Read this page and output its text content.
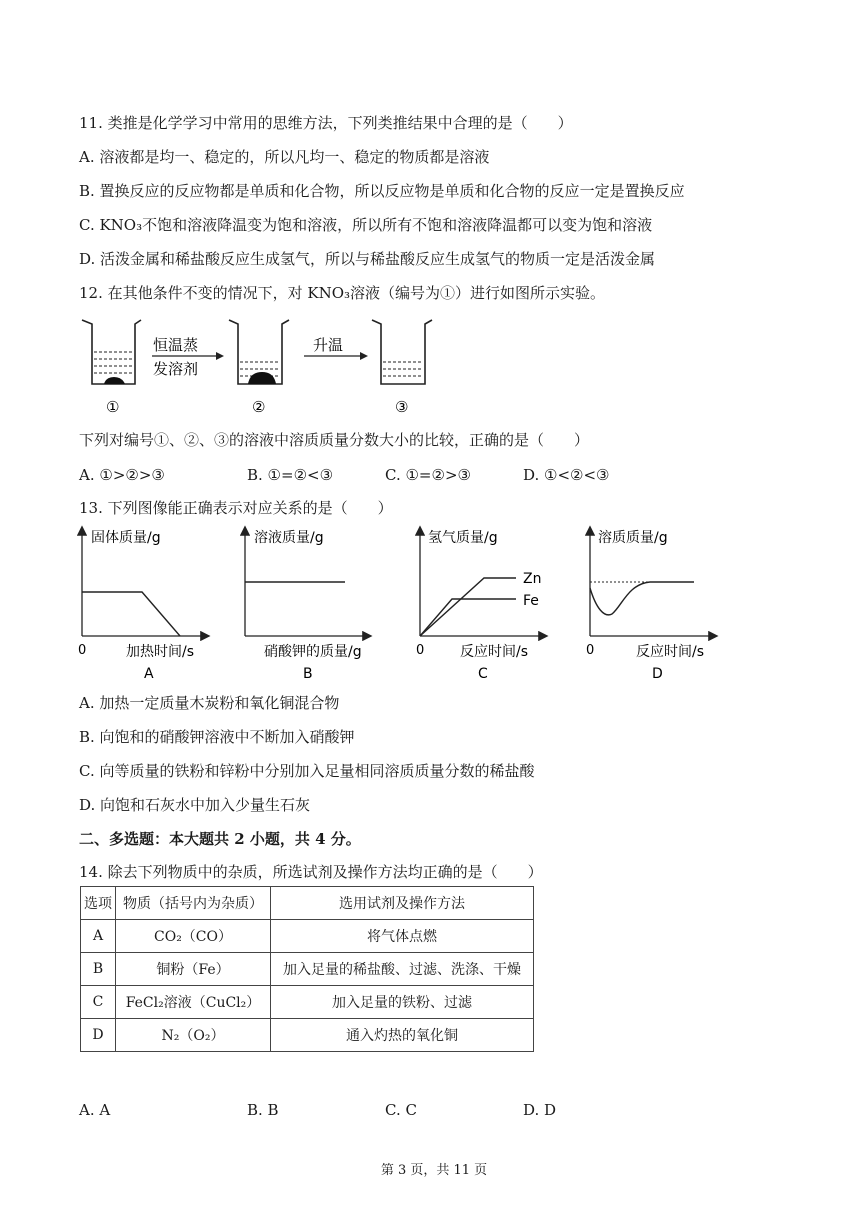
11. 类推是化学学习中常用的思维方法，下列类推结果中合理的是（　　）
A. 溶液都是均一、稳定的，所以凡均一、稳定的物质都是溶液
B. 置换反应的反应物都是单质和化合物，所以反应物是单质和化合物的反应一定是置换反应
C. KNO₃不饱和溶液降温变为饱和溶液，所以所有不饱和溶液降温都可以变为饱和溶液
D. 活泼金属和稀盐酸反应生成氢气，所以与稀盐酸反应生成氢气的物质一定是活泼金属
12. 在其他条件不变的情况下，对 KNO₃溶液（编号为①）进行如图所示实验。
①
恒温蒸
发溶剂
②
升温
③
下列对编号①、②、③的溶液中溶质质量分数大小的比较，正确的是（　　）
A. ①>②>③	B. ①=②<③	C. ①=②>③	D. ①<②<③
13. 下列图像能正确表示对应关系的是（　　）
固体质量/g
0	加热时间/s
A
溶液质量/g
硝酸钾的质量/g
B
Zn
Fe
氢气质量/g
0	反应时间/s
C
溶质质量/g
0	反应时间/s
D
A. 加热一定质量木炭粉和氧化铜混合物
B. 向饱和的硝酸钾溶液中不断加入硝酸钾
C. 向等质量的铁粉和锌粉中分别加入足量相同溶质质量分数的稀盐酸
D. 向饱和石灰水中加入少量生石灰
二、多选题：本大题共 2 小题，共 4 分。
14. 除去下列物质中的杂质，所选试剂及操作方法均正确的是（　　）
选项	物质（括号内为杂质）	选用试剂及操作方法
A	CO₂（CO）	将气体点燃
B	铜粉（Fe）	加入足量的稀盐酸、过滤、洗涤、干燥
C	FeCl₂溶液（CuCl₂）	加入足量的铁粉、过滤
D	N₂（O₂）	通入灼热的氧化铜
A. A	B. B	C. C	D. D
第 3 页，共 11 页
